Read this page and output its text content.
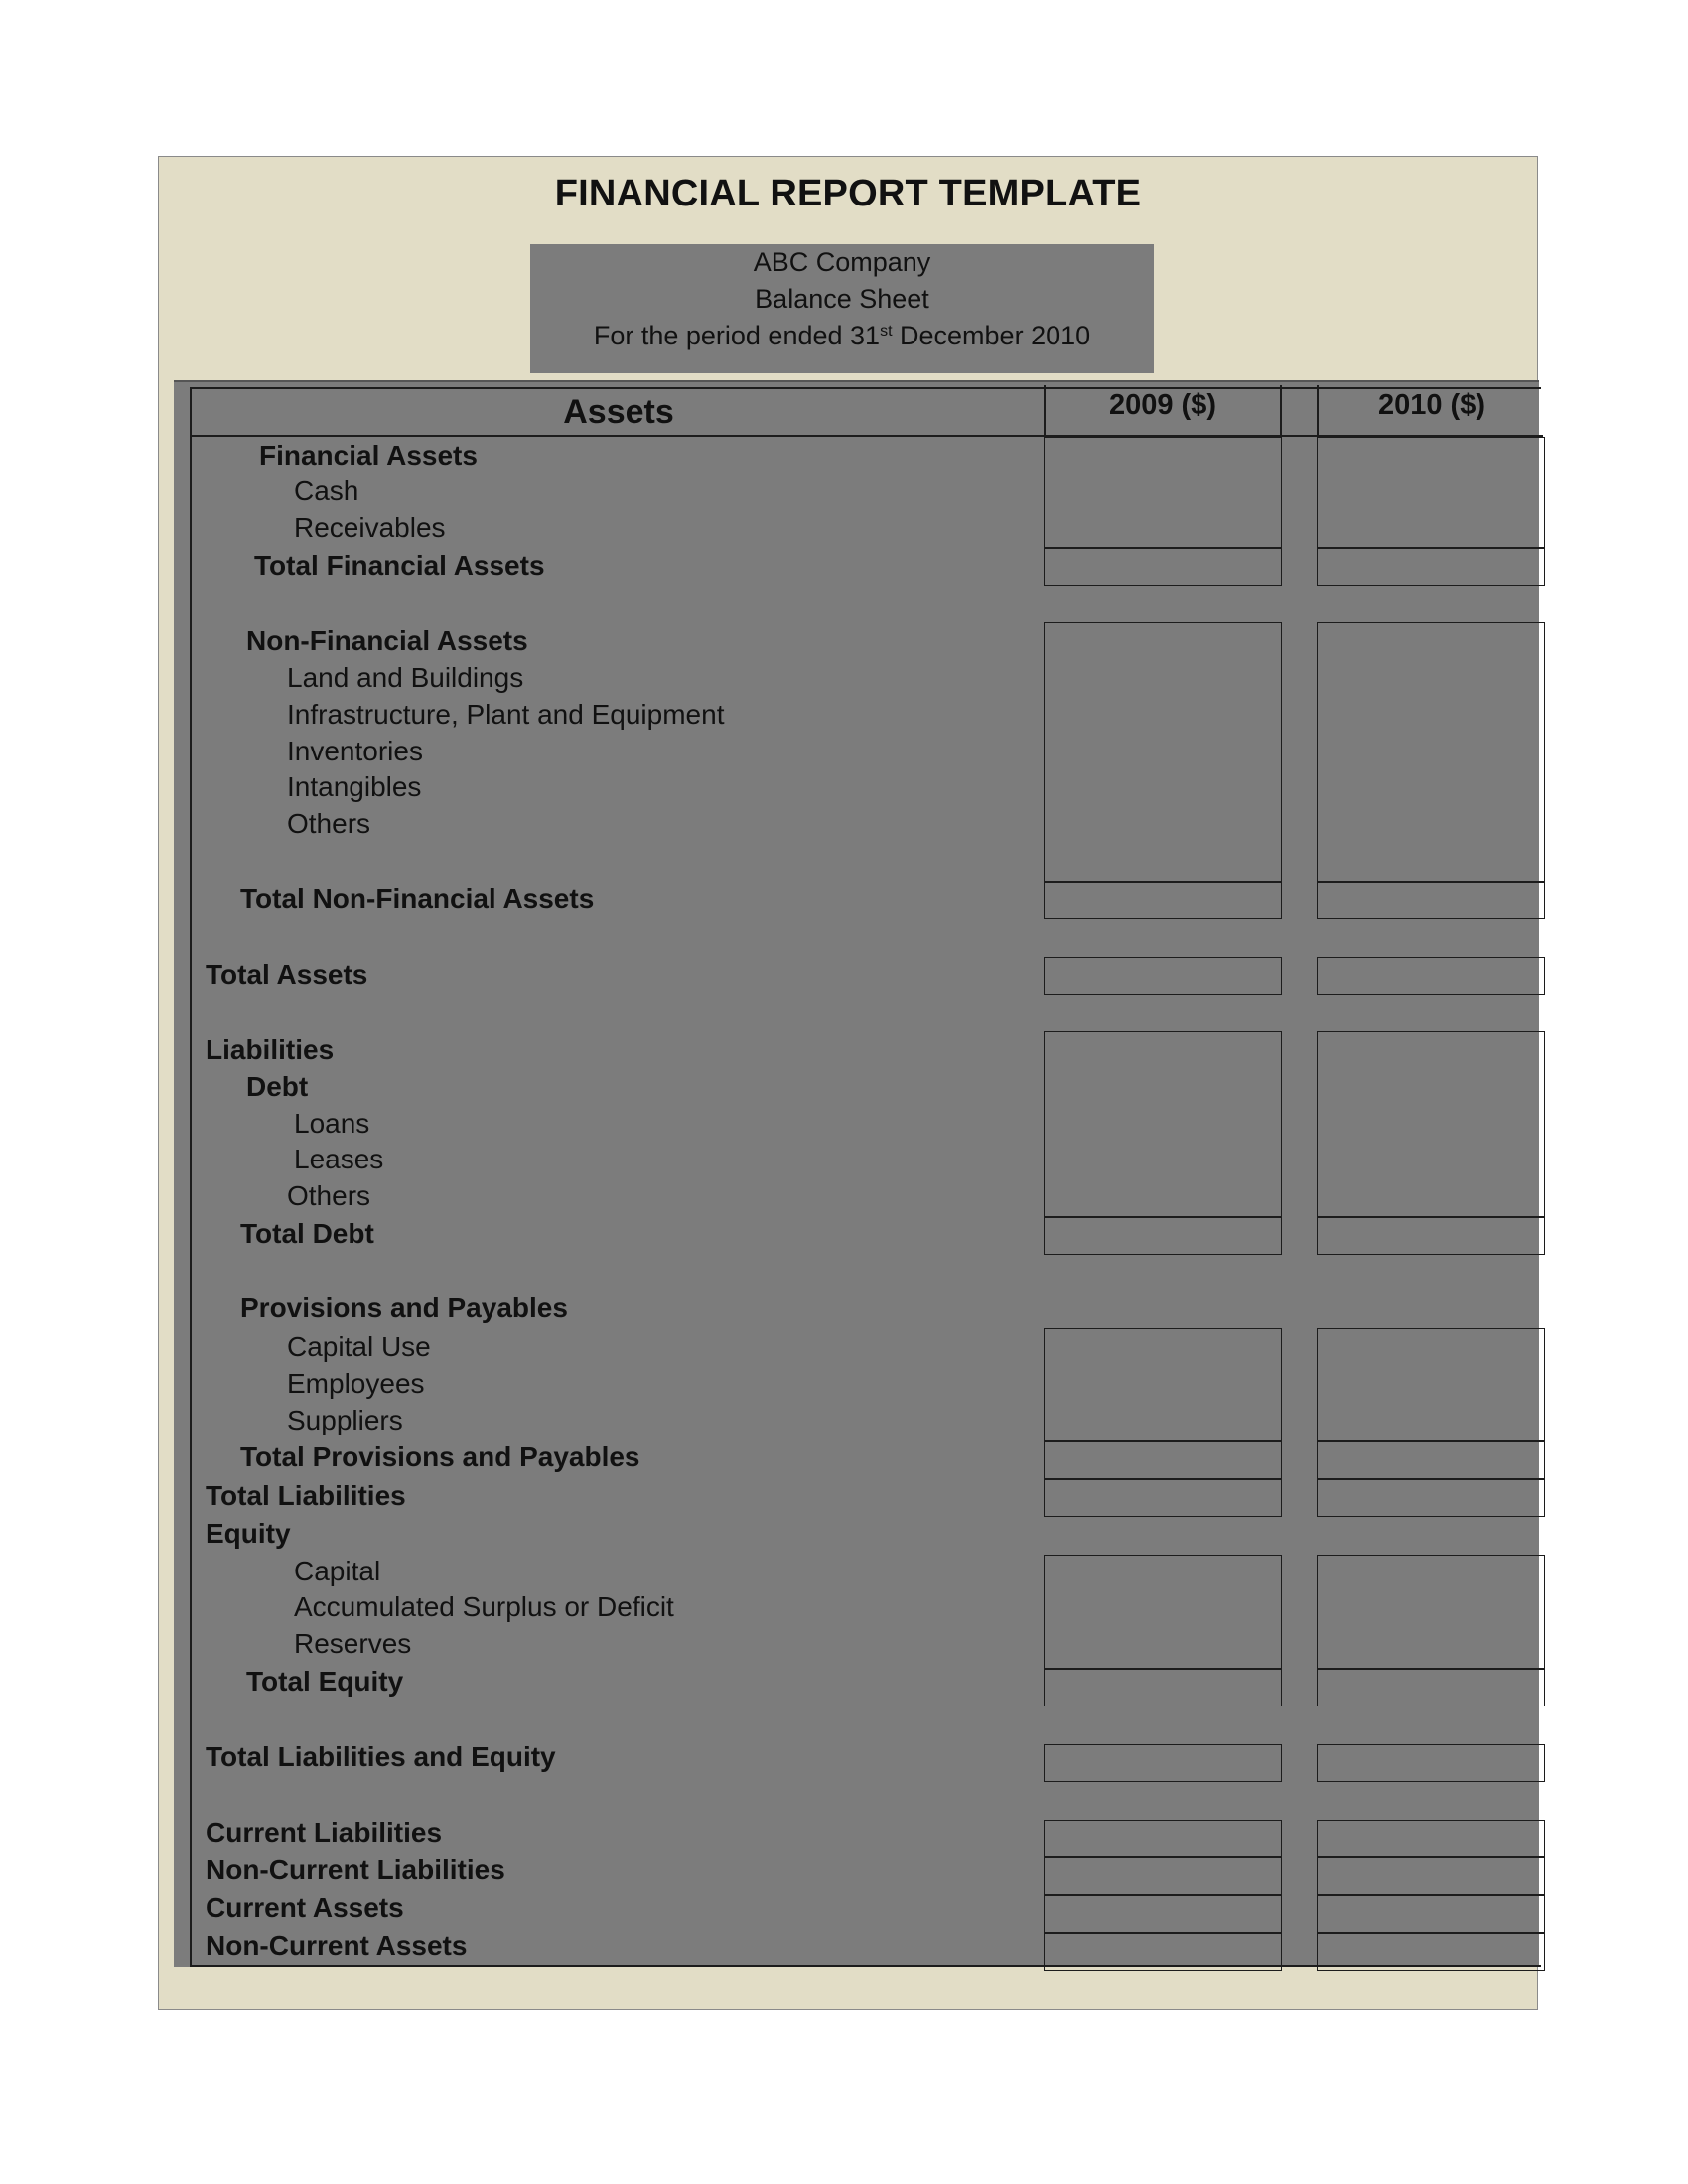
FINANCIAL REPORT TEMPLATE
ABC Company
Balance Sheet
For the period ended 31st December 2010
Assets	2009 ($)	2010 ($)
Financial Assets
Cash
Receivables
Total Financial Assets
Non-Financial Assets
Land and Buildings
Infrastructure, Plant and Equipment
Inventories
Intangibles
Others
Total Non-Financial Assets
Total Assets
Liabilities
Debt
Loans
Leases
Others
Total Debt
Provisions and Payables
Capital Use
Employees
Suppliers
Total Provisions and Payables
Total Liabilities
Equity
Capital
Accumulated Surplus or Deficit
Reserves
Total Equity
Total Liabilities and Equity
Current Liabilities
Non-Current Liabilities
Current Assets
Non-Current Assets
